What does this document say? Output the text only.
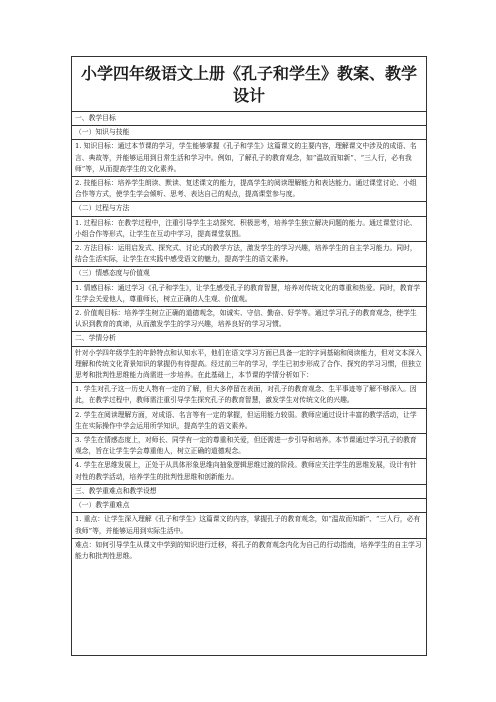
小学四年级语文上册《孔子和学生》教案、教学设计
一、教学目标
（一）知识与技能
1. 知识目标：通过本节课的学习，学生能够掌握《孔子和学生》这篇课文的主要内容，理解课文中涉及的成语、名言、典故等，并能够运用到日常生活和学习中。例如，了解孔子的教育观念，如“温故而知新”、“三人行，必有我师”等，从而提高学生的文化素养。
2. 技能目标：培养学生朗读、默读、复述课文的能力，提高学生的阅读理解能力和表达能力。通过课堂讨论、小组合作等方式，使学生学会倾听、思考、表达自己的观点，提高课堂参与度。
（二）过程与方法
1. 过程目标：在教学过程中，注重引导学生主动探究、积极思考，培养学生独立解决问题的能力。通过课堂讨论、小组合作等形式，让学生在互动中学习，提高课堂氛围。
2. 方法目标：运用启发式、探究式、讨论式的教学方法，激发学生的学习兴趣，培养学生的自主学习能力。同时，结合生活实际，让学生在实践中感受语文的魅力，提高学生的语文素养。
（三）情感态度与价值观
1. 情感目标：通过学习《孔子和学生》，让学生感受孔子的教育智慧，培养对传统文化的尊重和热爱。同时，教育学生学会关爱他人，尊重师长，树立正确的人生观、价值观。
2. 价值观目标：培养学生树立正确的道德观念，如诚实、守信、勤奋、好学等。通过学习孔子的教育观念，使学生认识到教育的真谛，从而激发学生的学习兴趣，培养良好的学习习惯。
二、学情分析
针对小学四年级学生的年龄特点和认知水平，他们在语文学习方面已具备一定的字词基础和阅读能力，但对文本深入理解和传统文化背景知识的掌握仍有待提高。经过前三年的学习，学生已初步形成了合作、探究的学习习惯，但独立思考和批判性思维能力尚需进一步培养。在此基础上，本节课的学情分析如下：
1. 学生对孔子这一历史人物有一定的了解，但大多停留在表面，对孔子的教育观念、生平事迹等了解不够深入。因此，在教学过程中，教师需注重引导学生探究孔子的教育智慧，激发学生对传统文化的兴趣。
2. 学生在阅读理解方面，对成语、名言等有一定的掌握，但运用能力较弱。教师应通过设计丰富的教学活动，让学生在实际操作中学会运用所学知识，提高学生的语文素养。
3. 学生在情感态度上，对师长、同学有一定的尊重和关爱，但还需进一步引导和培养。本节课通过学习孔子的教育观念，旨在让学生学会尊重他人，树立正确的道德观念。
4. 学生在思维发展上，正处于从具体形象思维向抽象逻辑思维过渡的阶段。教师应关注学生的思维发展，设计有针对性的教学活动，培养学生的批判性思维和创新能力。
三、教学重难点和教学设想
（一）教学重难点
1. 重点：让学生深入理解《孔子和学生》这篇课文的内容，掌握孔子的教育观念，如“温故而知新”、“三人行，必有我师”等，并能够运用到实际生活中。
难点：如何引导学生从课文中学到的知识进行迁移，将孔子的教育观念内化为自己的行动指南，培养学生的自主学习能力和批判性思维。
